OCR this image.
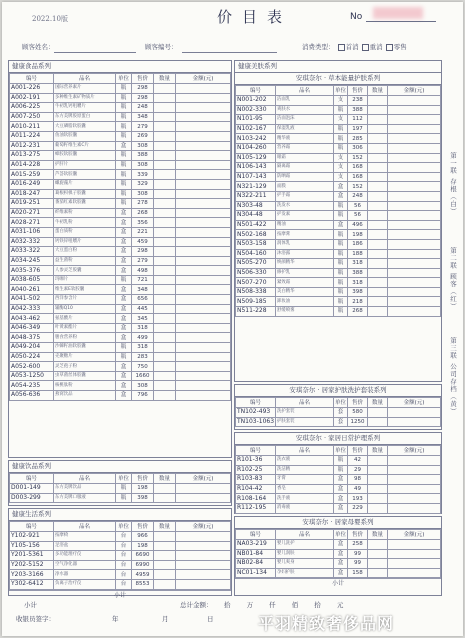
2022.10版	价目表	No
顾客姓名：	顾客编号：	消费类型： 首消 重消 零售
健康食品系列
编号	品名	单位	售价	数量	金额(元)
A001-226	国际营养素片	瓶	298		
A002-191	多种维生素矿物质片	瓶	298		
A006-225	牛初乳钙咀嚼片	瓶	248		
A007-250	东方美牌胶原蛋白	瓶	348		
A010-211	大豆磷脂软胶囊	瓶	279		
A011-224	鱼油软胶囊	瓶	269		
A012-231	葡萄籽维生素C片	盒	308		
A013-275	蜂胶软胶囊	瓶	388		
A014-228	护肝片	瓶	308		
A015-259	芦荟软胶囊	瓶	339		
A016-249	螺旋藻片	瓶	329		
A018-247	葛根枳椇子胶囊	瓶	308		
A019-251	番茄红素软胶囊	瓶	278		
A020-271	纤维素粉	盒	268		
A028-271	牛初乳粉	盒	356		
A031-106	蛋白质粉	盒	221		
A032-332	钙铁锌咀嚼片	盒	459		
A033-322	大豆蛋白粉	盒	298		
A034-245	益生菌粉	盒	279		
A035-376	人参灵芝胶囊	盒	498		
A038-605	玛咖片	瓶	721		
A040-261	维生素E软胶囊	盒	348		
A041-502	西洋参含片	盒	656		
A042-333	辅酶Q10	盒	445		
A043-462	氨基酸片	盒	345		
A046-349	叶黄素酯片	盒	318		
A048-375	膳食营养粉	盒	499		
A049-204	沙棘籽油软胶囊	瓶	318		
A050-224	壳聚糖片	瓶	283		
A052-600	灵芝孢子粉	盒	750		
A053-1250	虫草菌丝体胶囊	盒	1660		
A054-235	核桃肽粉	盒	308		
A056-636	燕窝饮品	盒	796		
健康饮品系列
编号	品名	单位	售价	数量	金额(元)
D001-149	东方美牌饮品	瓶	198		
D003-299	东方美牌口服液	瓶	398		
健康生活系列
编号	品名	单位	售价	数量	金额(元)
Y102-921	按摩椅	台	966		
Y105-156	足浴盆	台	198		
Y201-5361	多功能理疗仪	台	6690		
Y202-5152	空气净化器	台	6990		
Y203-3166	净水器	台	4959		
Y302-6412	负离子治疗仪	台	8553		
小计
健康美肤系列
安琪奈尔 · 草本能量护肤系列
编号	品名	单位	售价	数量	金额(元)
N001-202	洁面乳	支	238		
N002-330	爽肤水	瓶	388		
N101-95	洁面泡沫	支	112		
N102-167	保湿乳液	瓶	197		
N103-242	精华液	瓶	285		
N104-260	营养霜	瓶	306		
N105-129	眼霜	支	152		
N106-143	隔离霜	支	168		
N107-143	防晒霜	支	168		
N321-129	面膜	盒	152		
N322-211	护手霜	盒	248		
N303-48	洗发水	瓶	56		
N304-48	护发素	瓶	56		
N501-422	精油	盒	496		
N502-168	按摩膏	瓶	198		
N503-158	润体乳	瓶	186		
N504-160	沐浴露	瓶	188		
N505-270	焕颜精华	瓶	318		
N506-330	修护乳	瓶	388		
N507-270	紧致霜	瓶	318		
N508-338	美白精华	瓶	398		
N509-185	卸妆油	瓶	218		
N511-228	舒缓喷雾	瓶	268		
安琪奈尔 · 居家护肤洗护套装系列
编号	品名	单位	售价	数量	金额(元)
TN102-493	洗护套装	套	580		
TN103-1063	护肤套装	套	1250		
安琪奈尔 · 家居日常护理系列
编号	品名	单位	售价	数量	金额(元)
R101-36	洗衣液	瓶	42		
R102-25	洗洁精	瓶	29		
R103-83	牙膏	盒	98		
R104-42	香皂	盒	49		
R108-164	洗手液	盒	193		
R112-195	消毒液	盒	229		
安琪奈尔 · 居家母婴系列
编号	品名	单位	售价	数量	金额(元)
NA03-219	婴儿洗护	盒	258		
NB01-84	婴儿润肤	盒	99		
NB02-84	婴儿爽身	盒	99		
NC01-134	孕妇护肤	盒	158		
小计
第一联 存根（白）
第二联 顾客（红）
第三联 公司存档（黄）
小计	总计金额： 拾 万 仟 佰 拾 元
收银员签字：	年	月	日	平羽精致奢侈品网
